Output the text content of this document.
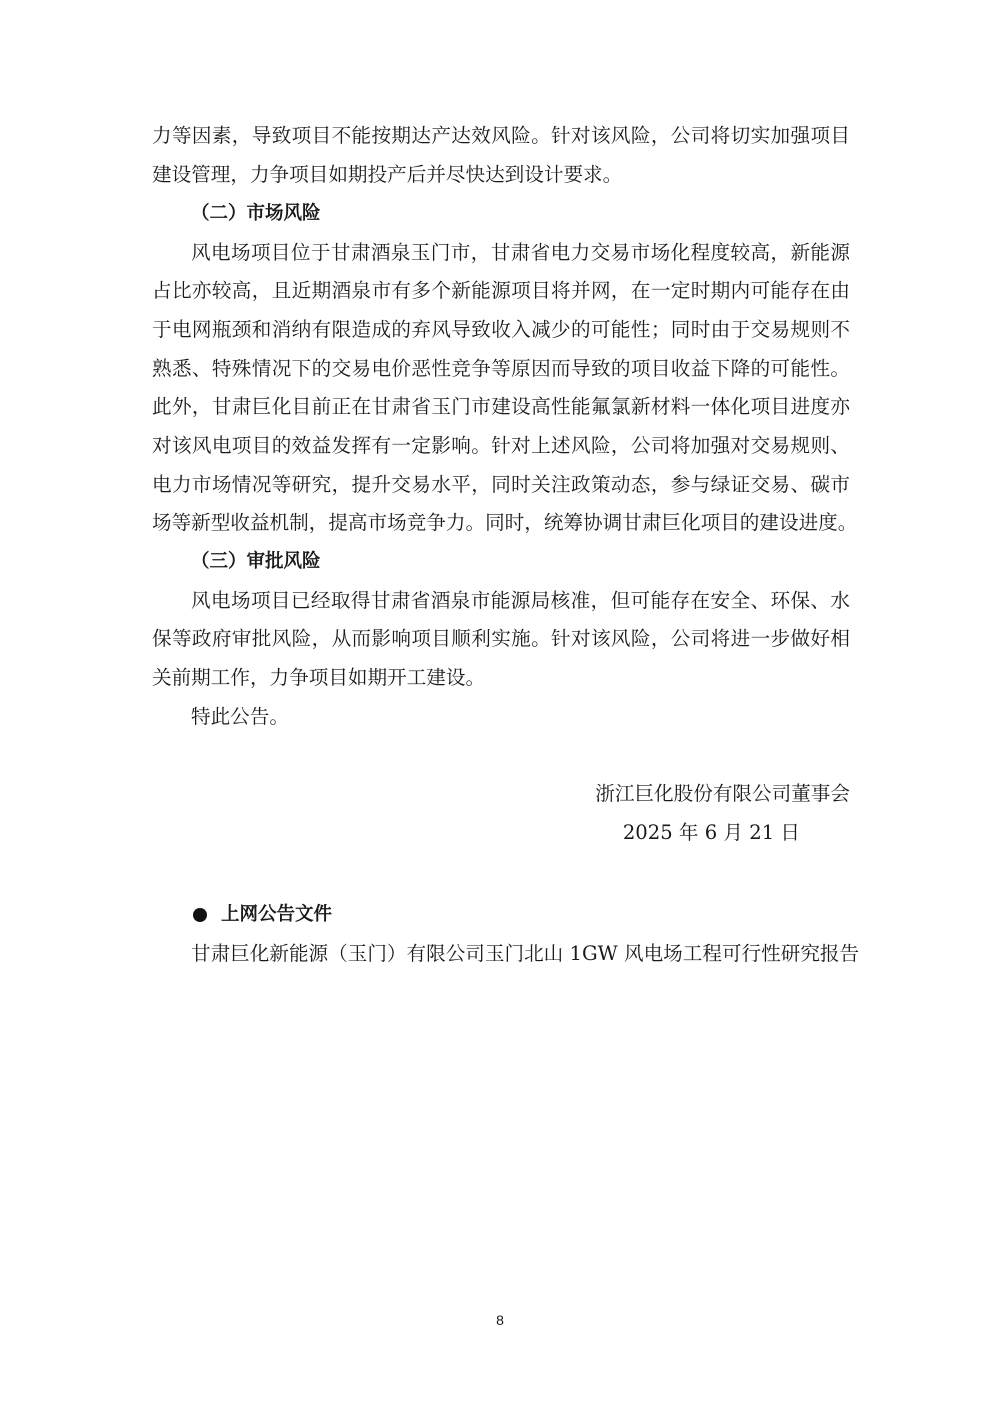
力等因素，导致项目不能按期达产达效风险。针对该风险，公司将切实加强项目
建设管理，力争项目如期投产后并尽快达到设计要求。
（二）市场风险
风电场项目位于甘肃酒泉玉门市，甘肃省电力交易市场化程度较高，新能源
占比亦较高，且近期酒泉市有多个新能源项目将并网，在一定时期内可能存在由
于电网瓶颈和消纳有限造成的弃风导致收入减少的可能性；同时由于交易规则不
熟悉、特殊情况下的交易电价恶性竞争等原因而导致的项目收益下降的可能性。
此外，甘肃巨化目前正在甘肃省玉门市建设高性能氟氯新材料一体化项目进度亦
对该风电项目的效益发挥有一定影响。针对上述风险，公司将加强对交易规则、
电力市场情况等研究，提升交易水平，同时关注政策动态，参与绿证交易、碳市
场等新型收益机制，提高市场竞争力。同时，统筹协调甘肃巨化项目的建设进度。
（三）审批风险
风电场项目已经取得甘肃省酒泉市能源局核准，但可能存在安全、环保、水
保等政府审批风险，从而影响项目顺利实施。针对该风险，公司将进一步做好相
关前期工作，力争项目如期开工建设。
特此公告。
浙江巨化股份有限公司董事会
2025 年 6 月 21 日
上网公告文件
甘肃巨化新能源（玉门）有限公司玉门北山 1GW 风电场工程可行性研究报告
8
